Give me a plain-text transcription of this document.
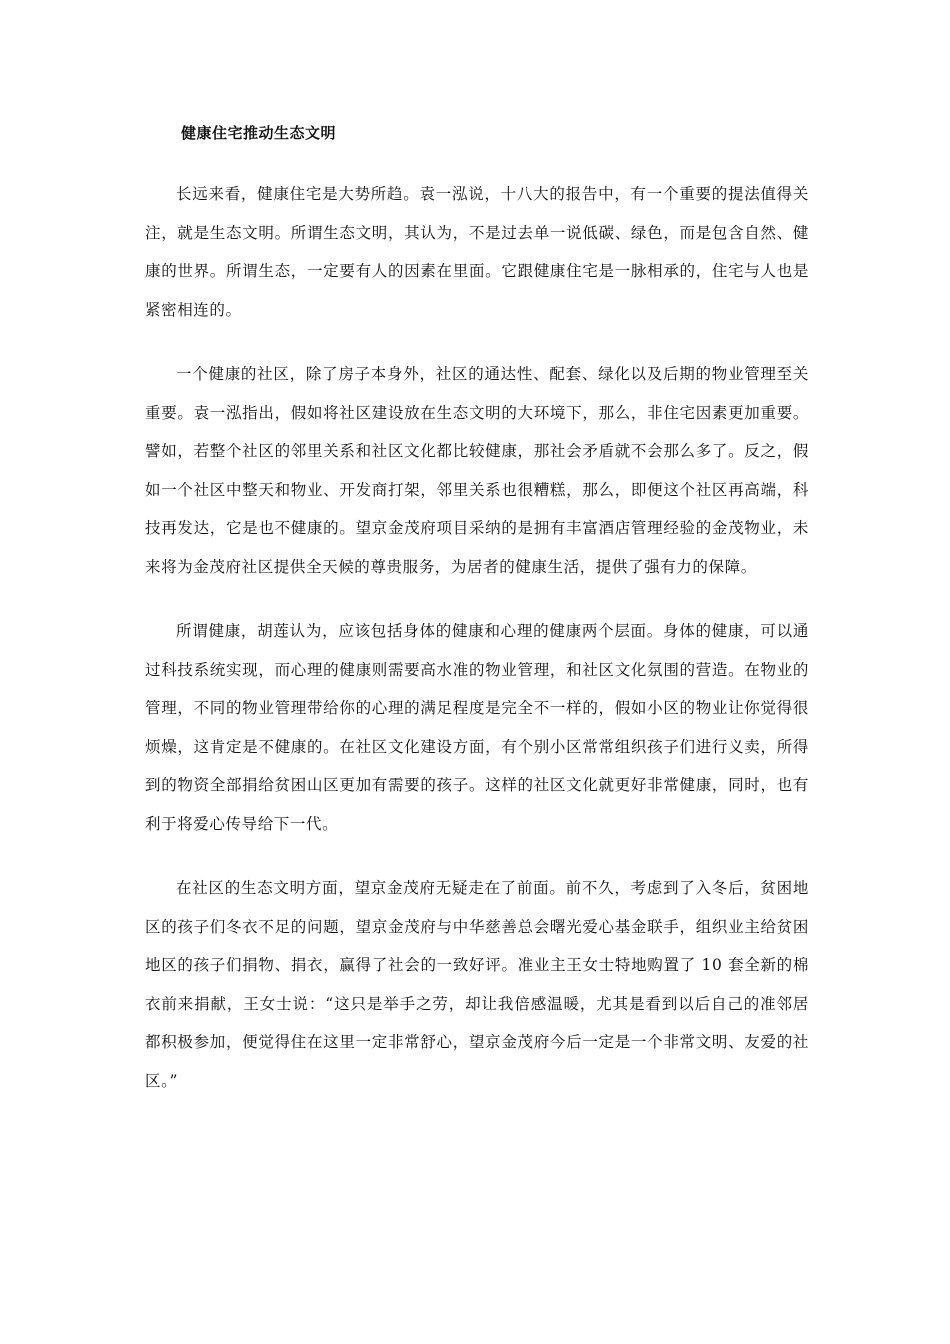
健康住宅推动生态文明

长远来看，健康住宅是大势所趋。袁一泓说，十八大的报告中，有一个重要的提法值得关注，就是生态文明。所谓生态文明，其认为，不是过去单一说低碳、绿色，而是包含自然、健康的世界。所谓生态，一定要有人的因素在里面。它跟健康住宅是一脉相承的，住宅与人也是紧密相连的。

一个健康的社区，除了房子本身外，社区的通达性、配套、绿化以及后期的物业管理至关重要。袁一泓指出，假如将社区建设放在生态文明的大环境下，那么，非住宅因素更加重要。譬如，若整个社区的邻里关系和社区文化都比较健康，那社会矛盾就不会那么多了。反之，假如一个社区中整天和物业、开发商打架，邻里关系也很糟糕，那么，即便这个社区再高端，科技再发达，它是也不健康的。望京金茂府项目采纳的是拥有丰富酒店管理经验的金茂物业，未来将为金茂府社区提供全天候的尊贵服务，为居者的健康生活，提供了强有力的保障。

所谓健康，胡莲认为，应该包括身体的健康和心理的健康两个层面。身体的健康，可以通过科技系统实现，而心理的健康则需要高水准的物业管理，和社区文化氛围的营造。在物业的管理，不同的物业管理带给你的心理的满足程度是完全不一样的，假如小区的物业让你觉得很烦燥，这肯定是不健康的。在社区文化建设方面，有个别小区常常组织孩子们进行义卖，所得到的物资全部捐给贫困山区更加有需要的孩子。这样的社区文化就更好非常健康，同时，也有利于将爱心传导给下一代。

在社区的生态文明方面，望京金茂府无疑走在了前面。前不久，考虑到了入冬后，贫困地区的孩子们冬衣不足的问题，望京金茂府与中华慈善总会曙光爱心基金联手，组织业主给贫困地区的孩子们捐物、捐衣，赢得了社会的一致好评。准业主王女士特地购置了 10 套全新的棉衣前来捐献，王女士说：“这只是举手之劳，却让我倍感温暖，尤其是看到以后自己的准邻居都积极参加，便觉得住在这里一定非常舒心，望京金茂府今后一定是一个非常文明、友爱的社区。”
